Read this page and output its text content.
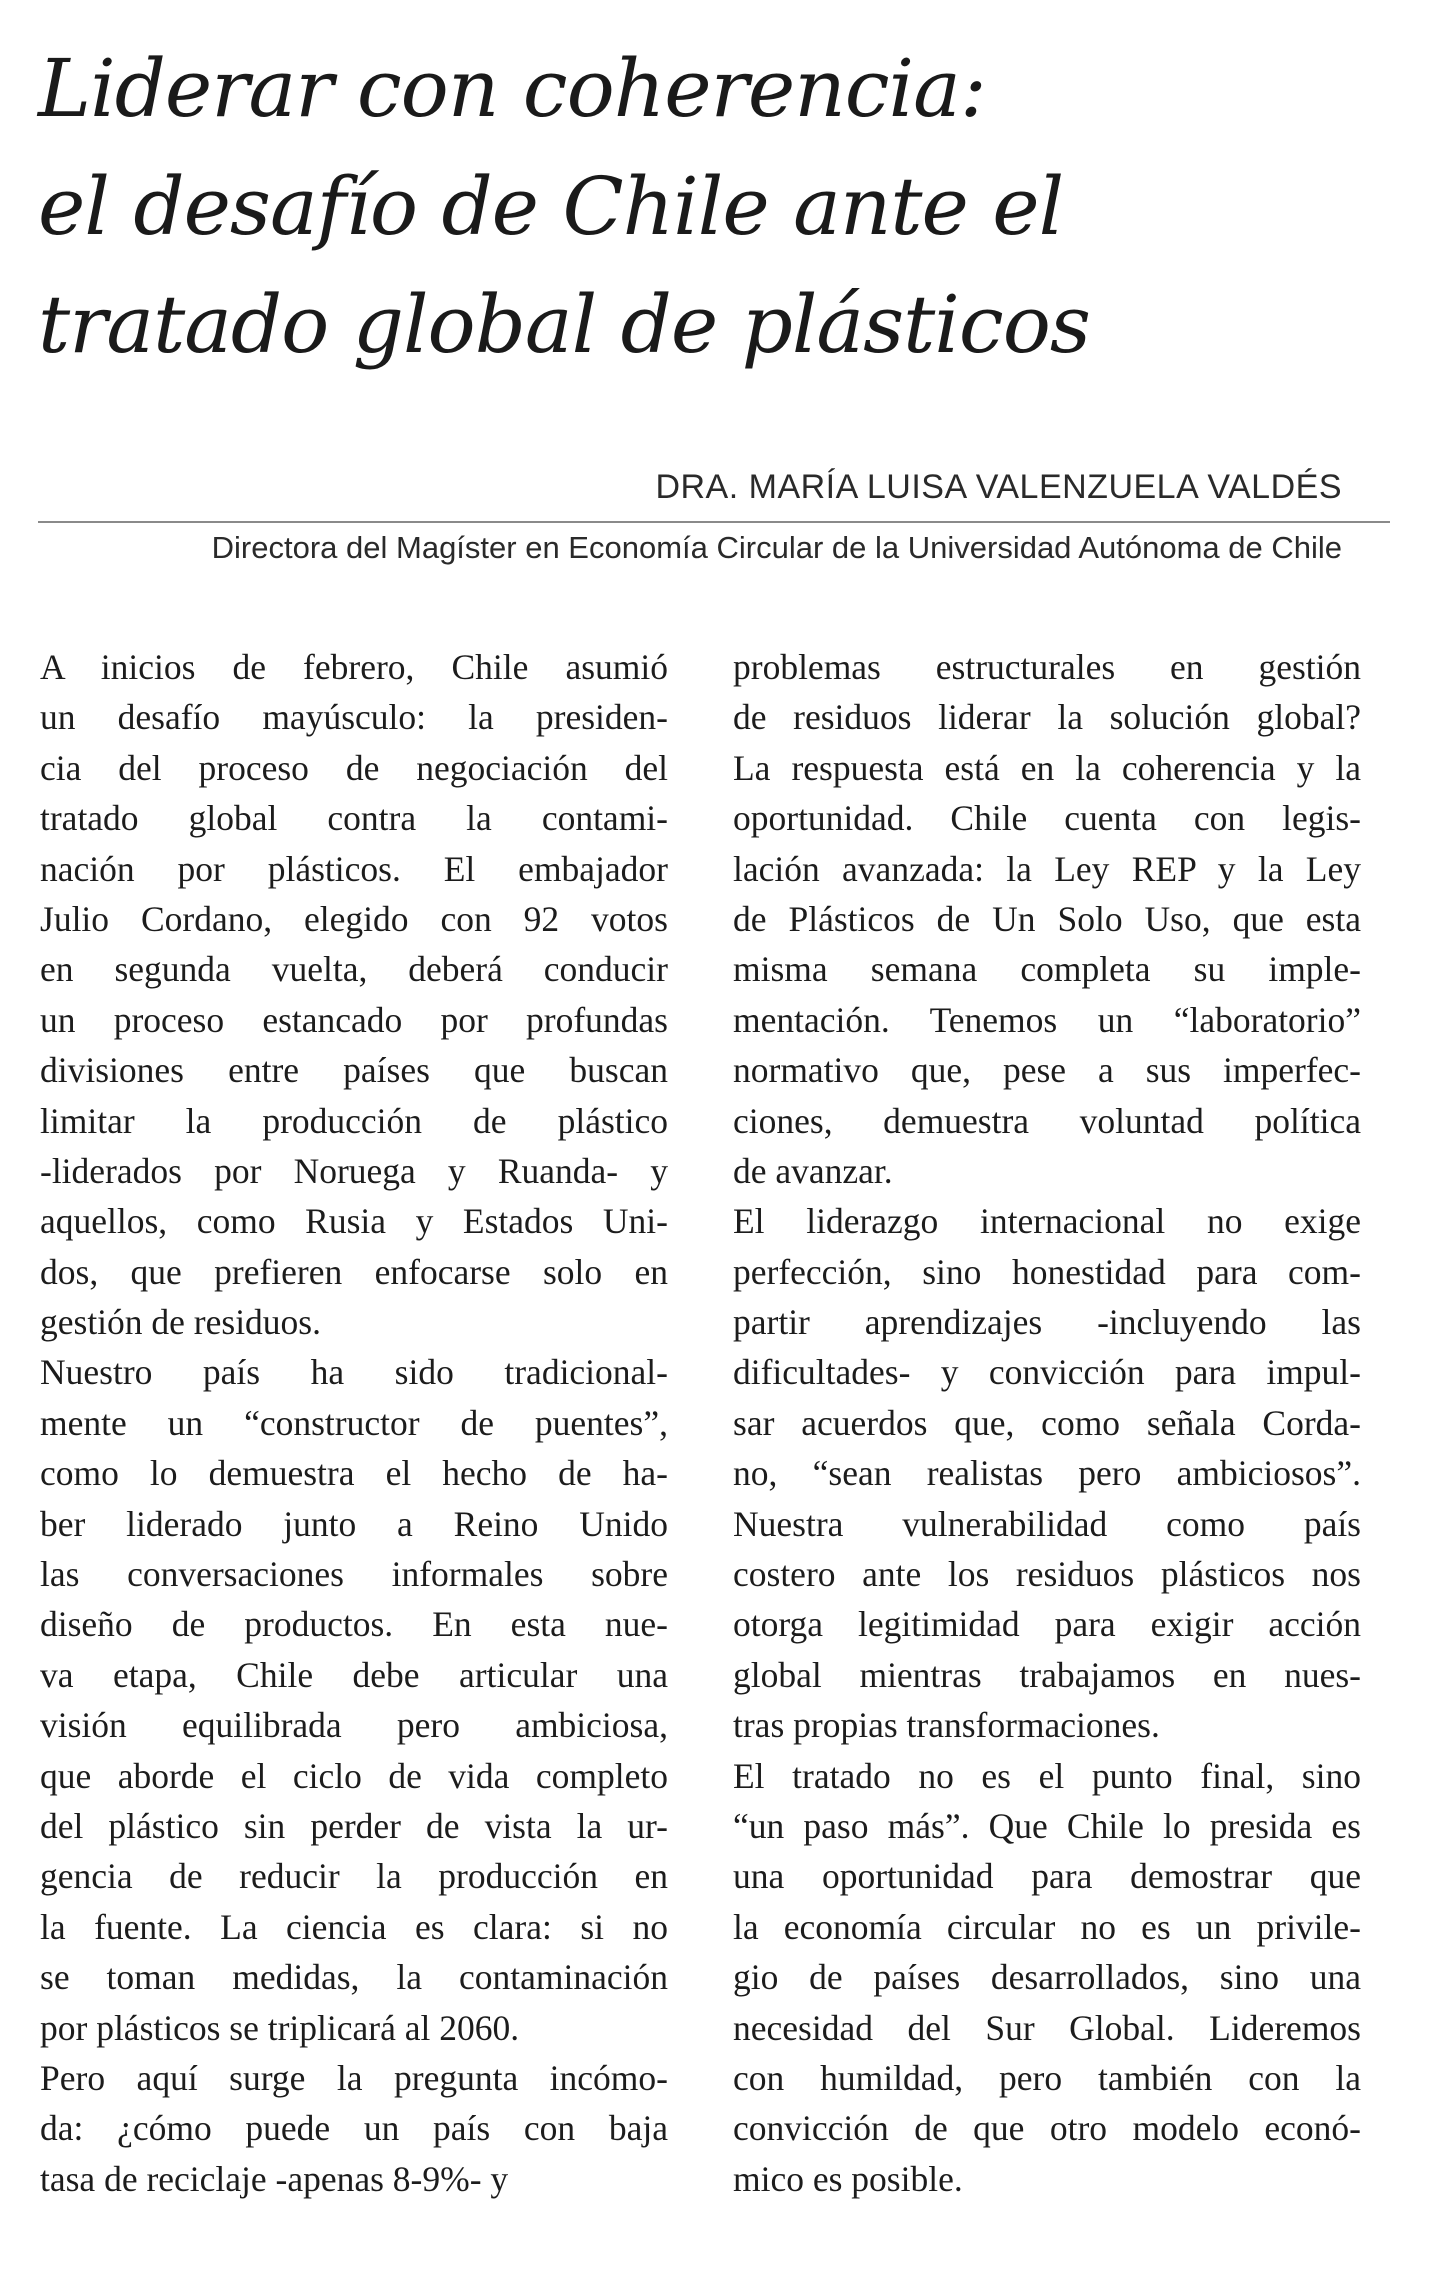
Liderar con coherencia:
el desafío de Chile ante el
tratado global de plásticos
DRA. MARÍA LUISA VALENZUELA VALDÉS
Directora del Magíster en Economía Circular de la Universidad Autónoma de Chile

A inicios de febrero, Chile asumió
un desafío mayúsculo: la presiden-
cia del proceso de negociación del
tratado global contra la contami-
nación por plásticos. El embajador
Julio Cordano, elegido con 92 votos
en segunda vuelta, deberá conducir
un proceso estancado por profundas
divisiones entre países que buscan
limitar la producción de plástico
-liderados por Noruega y Ruanda- y
aquellos, como Rusia y Estados Uni-
dos, que prefieren enfocarse solo en
gestión de residuos.

Nuestro país ha sido tradicional-
mente un “constructor de puentes”,
como lo demuestra el hecho de ha-
ber liderado junto a Reino Unido
las conversaciones informales sobre
diseño de productos. En esta nue-
va etapa, Chile debe articular una
visión equilibrada pero ambiciosa,
que aborde el ciclo de vida completo
del plástico sin perder de vista la ur-
gencia de reducir la producción en
la fuente. La ciencia es clara: si no
se toman medidas, la contaminación
por plásticos se triplicará al 2060.

Pero aquí surge la pregunta incómo-
da: ¿cómo puede un país con baja
tasa de reciclaje -apenas 8-9%- y

problemas estructurales en gestión
de residuos liderar la solución global?
La respuesta está en la coherencia y la
oportunidad. Chile cuenta con legis-
lación avanzada: la Ley REP y la Ley
de Plásticos de Un Solo Uso, que esta
misma semana completa su imple-
mentación. Tenemos un “laboratorio”
normativo que, pese a sus imperfec-
ciones, demuestra voluntad política
de avanzar.

El liderazgo internacional no exige
perfección, sino honestidad para com-
partir aprendizajes -incluyendo las
dificultades- y convicción para impul-
sar acuerdos que, como señala Corda-
no, “sean realistas pero ambiciosos”.
Nuestra vulnerabilidad como país
costero ante los residuos plásticos nos
otorga legitimidad para exigir acción
global mientras trabajamos en nues-
tras propias transformaciones.

El tratado no es el punto final, sino
“un paso más”. Que Chile lo presida es
una oportunidad para demostrar que
la economía circular no es un privile-
gio de países desarrollados, sino una
necesidad del Sur Global. Lideremos
con humildad, pero también con la
convicción de que otro modelo econó-
mico es posible.
